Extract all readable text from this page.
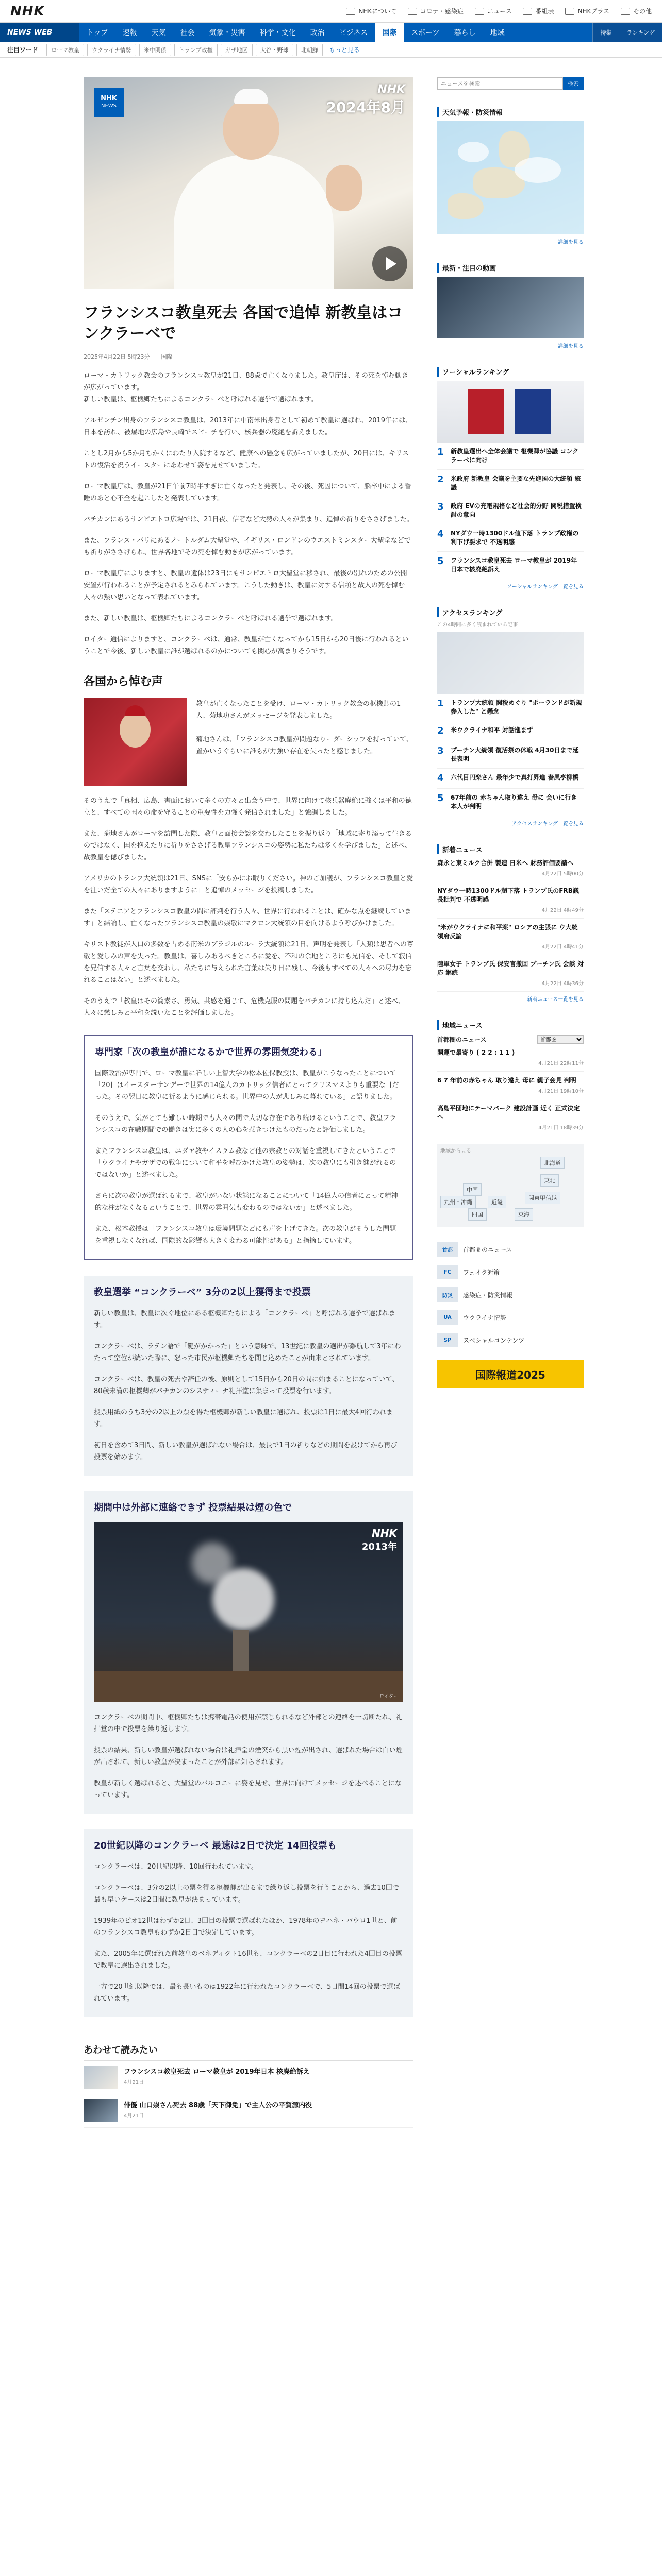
NHK	NHKについて	コロナ・感染症	ニュース	番組表	NHKプラス	その他
NEWS WEB	トップ	速報	天気	社会	気象・災害	科学・文化	政治	ビジネス	国際	スポーツ	暮らし	地域	特集	ランキング
注目ワード	ローマ教皇	ウクライナ情勢	米中関係	トランプ政権	ガザ地区	大谷・野球	北朝鮮	もっと見る
NHK
NEWS
NHK
2024年8月
フランシスコ教皇死去 各国で追悼 新教皇はコンクラーベで
2025年4月22日 5時23分 国際

ローマ・カトリック教会のフランシスコ教皇が21日、88歳で亡くなりました。教皇庁は、その死を悼む動きが広がっています。
新しい教皇は、枢機卿たちによるコンクラーベと呼ばれる選挙で選ばれます。

アルゼンチン出身のフランシスコ教皇は、2013年に中南米出身者として初めて教皇に選ばれ、2019年には、日本を訪れ、被爆地の広島や長崎でスピーチを行い、核兵器の廃絶を訴えました。

ことし2月から5か月ちかくにわたり入院するなど、健康への懸念も広がっていましたが、20日には、キリストの復活を祝うイースターにあわせて姿を見せていました。

ローマ教皇庁は、教皇が21日午前7時半すぎに亡くなったと発表し、その後、死因について、脳卒中による昏睡のあと心不全を起こしたと発表しています。

バチカンにあるサンピエトロ広場では、21日夜、信者など大勢の人々が集まり、追悼の祈りをささげました。

また、フランス・パリにあるノートルダム大聖堂や、イギリス・ロンドンのウエストミンスター大聖堂などでも祈りがささげられ、世界各地でその死を悼む動きが広がっています。

ローマ教皇庁によりますと、教皇の遺体は23日にもサンピエトロ大聖堂に移され、最後の別れのための公開安置が行われることが予定されるとみられています。こうした動きは、教皇に対する信頼と故人の死を悼む人々の熱い思いとなって表れています。

また、新しい教皇は、枢機卿たちによるコンクラーベと呼ばれる選挙で選ばれます。

ロイター通信によりますと、コンクラーベは、通常、教皇が亡くなってから15日から20日後に行われるということで今後、新しい教皇に誰が選ばれるのかについても関心が高まりそうです。

各国から悼む声

教皇が亡くなったことを受け、ローマ・カトリック教会の枢機卿の1人、菊地功さんがメッセージを発表しました。

菊地さんは、「フランシスコ教皇が問題なりーダーシップを持っていて、置かいうぐらいに誰もが力強い存在を失ったと感じました。

そのうえで「真相、広島、書面において多くの方々と出会う中で、世界に向けて核兵器廃絶に強くは平和の徳立と、すべての国々の命を守ることの重要性を力強く発信されました」と強調しました。

また、菊地さんがローマを訪問した際、教皇と面接会談を交わしたことを振り返り「地域に寄り添って生きるのではなく、国を抱えたりに祈りをささげる教皇フランシスコの姿勢に私たちは多くを学びました」と述べ、故教皇を偲びました。

アメリカのトランプ大統領は21日、SNSに「安らかにお眠りください。神のご加護が、フランシスコ教皇と愛を注いだ全ての人々にありますように」と追悼のメッセージを投稿しました。

また「ステニアとプランシスコ教皇の間に評判を行う人々、世界に行われることは、確かな点を継続しています」と結論し、亡くなったフランシスコ教皇の崇敬にマクロン大統領の目を向けるよう呼びかけました。

キリスト教徒が人口の多数を占める南米のブラジルのルーラ大統領は21日、声明を発表し「人類は思者への尊敬と愛しみの声を失った。教皇は、喜しみあるべきところに愛を、不和の余地ところにも兄信を、そして寂信を兄信する人々と言葉を交わし、私たちに与えられた言葉は失り日に残し、今後もすべての人々への尽力を忘れることはない」と述べました。

そのうえで「教皇はその簡素さ、勇気、共感を通じて、危機克服の問題をバチカンに持ち込んだ」と述べ、人々に慈しみと平和を説いたことを評価しました。

専門家「次の教皇が誰になるかで世界の雰囲気変わる」

国際政治が専門で、ローマ教皇に詳しい上智大学の松本佐保教授は、教皇がこうなったことについて「20日はイースターサンデーで世界の14億人のカトリック信者にとってクリスマスよりも重要な日だった。その翌日に教皇に祈るように感じられる。世界中の人が悲しみに暮れている」と語りました。

そのうえで、気がとても難しい時期でも人々の間で大切な存在であり続けるということで、教皇フランシスコの在職期間での働きは実に多くの人の心を惹きつけたものだったと評価しました。

またフランシスコ教皇は、ユダヤ教やイスラム教など他の宗教との対話を重視してきたということで「ウクライナやガザでの戦争について和平を呼びかけた教皇の姿勢は、次の教皇にも引き継がれるのではないか」と述べました。

さらに次の教皇が選ばれるまで、教皇がいない状態になることについて「14億人の信者にとって精神的な柱がなくなるということで、世界の雰囲気も変わるのではないか」と述べました。

また、松本教授は「フランシスコ教皇は環境問題などにも声を上げてきた。次の教皇がそうした問題を重視しなくなれば、国際的な影響も大きく変わる可能性がある」と指摘しています。

教皇選挙 “コンクラーベ” 3分の2以上獲得まで投票

新しい教皇は、教皇に次ぐ地位にある枢機卿たちによる「コンクラーベ」と呼ばれる選挙で選ばれます。

コンクラーベは、ラテン語で「鍵がかかった」という意味で、13世紀に教皇の選出が難航して3年にわたって空位が続いた際に、怒った市民が枢機卿たちを閉じ込めたことが由来とされています。

コンクラーベは、教皇の死去や辞任の後、原則として15日から20日の間に始まることになっていて、80歳未満の枢機卿がバチカンのシスティーナ礼拝堂に集まって投票を行います。

投票用紙のうち3分の2以上の票を得た枢機卿が新しい教皇に選ばれ、投票は1日に最大4回行われます。

初日を含めて3日間、新しい教皇が選ばれない場合は、最長で1日の祈りなどの期間を設けてから再び投票を始めます。

期間中は外部に連絡できず 投票結果は煙の色で
NHK
2013年
ロイター

コンクラーベの期間中、枢機卿たちは携帯電話の使用が禁じられるなど外部との連絡を一切断たれ、礼拝堂の中で投票を繰り返します。

投票の結果、新しい教皇が選ばれない場合は礼拝堂の煙突から黒い煙が出され、選ばれた場合は白い煙が出されて、新しい教皇が決まったことが外部に知らされます。

教皇が新しく選ばれると、大聖堂のバルコニーに姿を見せ、世界に向けてメッセージを述べることになっています。

20世紀以降のコンクラーベ 最速は2日で決定 14回投票も

コンクラーベは、20世紀以降、10回行われています。

コンクラーベは、3分の2以上の票を得る枢機卿が出るまで繰り返し投票を行うことから、過去10回で最も早いケースは2日間に教皇が決まっています。

1939年のピオ12世はわずか2日、3回目の投票で選ばれたほか、1978年のヨハネ・パウロ1世と、前のフランシスコ教皇もわずか2日目で決定しています。

また、2005年に選ばれた前教皇のベネディクト16世も、コンクラーベの2日目に行われた4回目の投票で教皇に選出されました。

一方で20世紀以降では、最も長いものは1922年に行われたコンクラーベで、5日間14回の投票で選ばれています。

あわせて読みたい
フランシスコ教皇死去 ローマ教皇が 2019年日本 核廃絶訴え
4月21日
俳優 山口崇さん死去 88歳「天下御免」で主人公の平賀源内役
4月21日
ニュースを検索
検索
天気予報・防災情報
詳細を見る
最新・注目の動画
詳細を見る
ソーシャルランキング
1 新教皇選出へ全体会議で 枢機卿が協議 コンクラーベに向け
2 米政府 新教皇 会議を主要な先進国の大統領 統議
3 政府 EVの充電規格など社会的分野 関税措置検討の意向
4 NYダウ一時1300ドル値下落 トランプ政権の利下げ要求で 不透明感
5 フランシスコ教皇死去 ローマ教皇が 2019年 日本で核廃絶訴え
ソーシャルランキング一覧を見る
アクセスランキング
この4時間に多く読まれている記事
1 トランプ大統領 関税めぐり "ポーランドが新規参入した" と懸念
2 米ウクライナ和平 対話進まず
3 プーチン大統領 復活祭の休戦 4月30日まで延長表明
4 六代目円楽さん 最年少で真打昇進 春風亭柳橋
5 67年前の 赤ちゃん取り違え 母に 会いに行き 本人が判明
アクセスランキング一覧を見る
新着ニュース
森永と東ミルク合併 製造 日米へ 財務評価要請へ
4月22日 5時00分
NYダウ一時1300ドル超下落 トランプ氏のFRB議長批判で 不透明感
4月22日 4時49分
"米がウクライナに和平案" ロシアの主張に ウ大統領府反論
4月22日 4時41分
陸軍女子 トランプ氏 保安官撤回 プーチン氏 会談 対応 継続
4月22日 4時36分
新着ニュース一覧を見る
地域ニュース
首都圏のニュース
首都圏
開運で最寄り ( 2 2 : 1 1 )
4月21日 22時11分
6 7 年前の赤ちゃん 取り違え 母に 親子会見 判明
4月21日 19時10分
高島平団地にテーマパーク 建設計画 近く 正式決定へ
4月21日 18時39分
地域から見る
北海道
東北
関東甲信越
東海
近畿
中国
四国
九州・沖縄
首都	首都圏のニュース
FC	フェイク対策
防災	感染症・防災情報
UA	ウクライナ情勢
SP	スペシャルコンテンツ
国際報道2025
